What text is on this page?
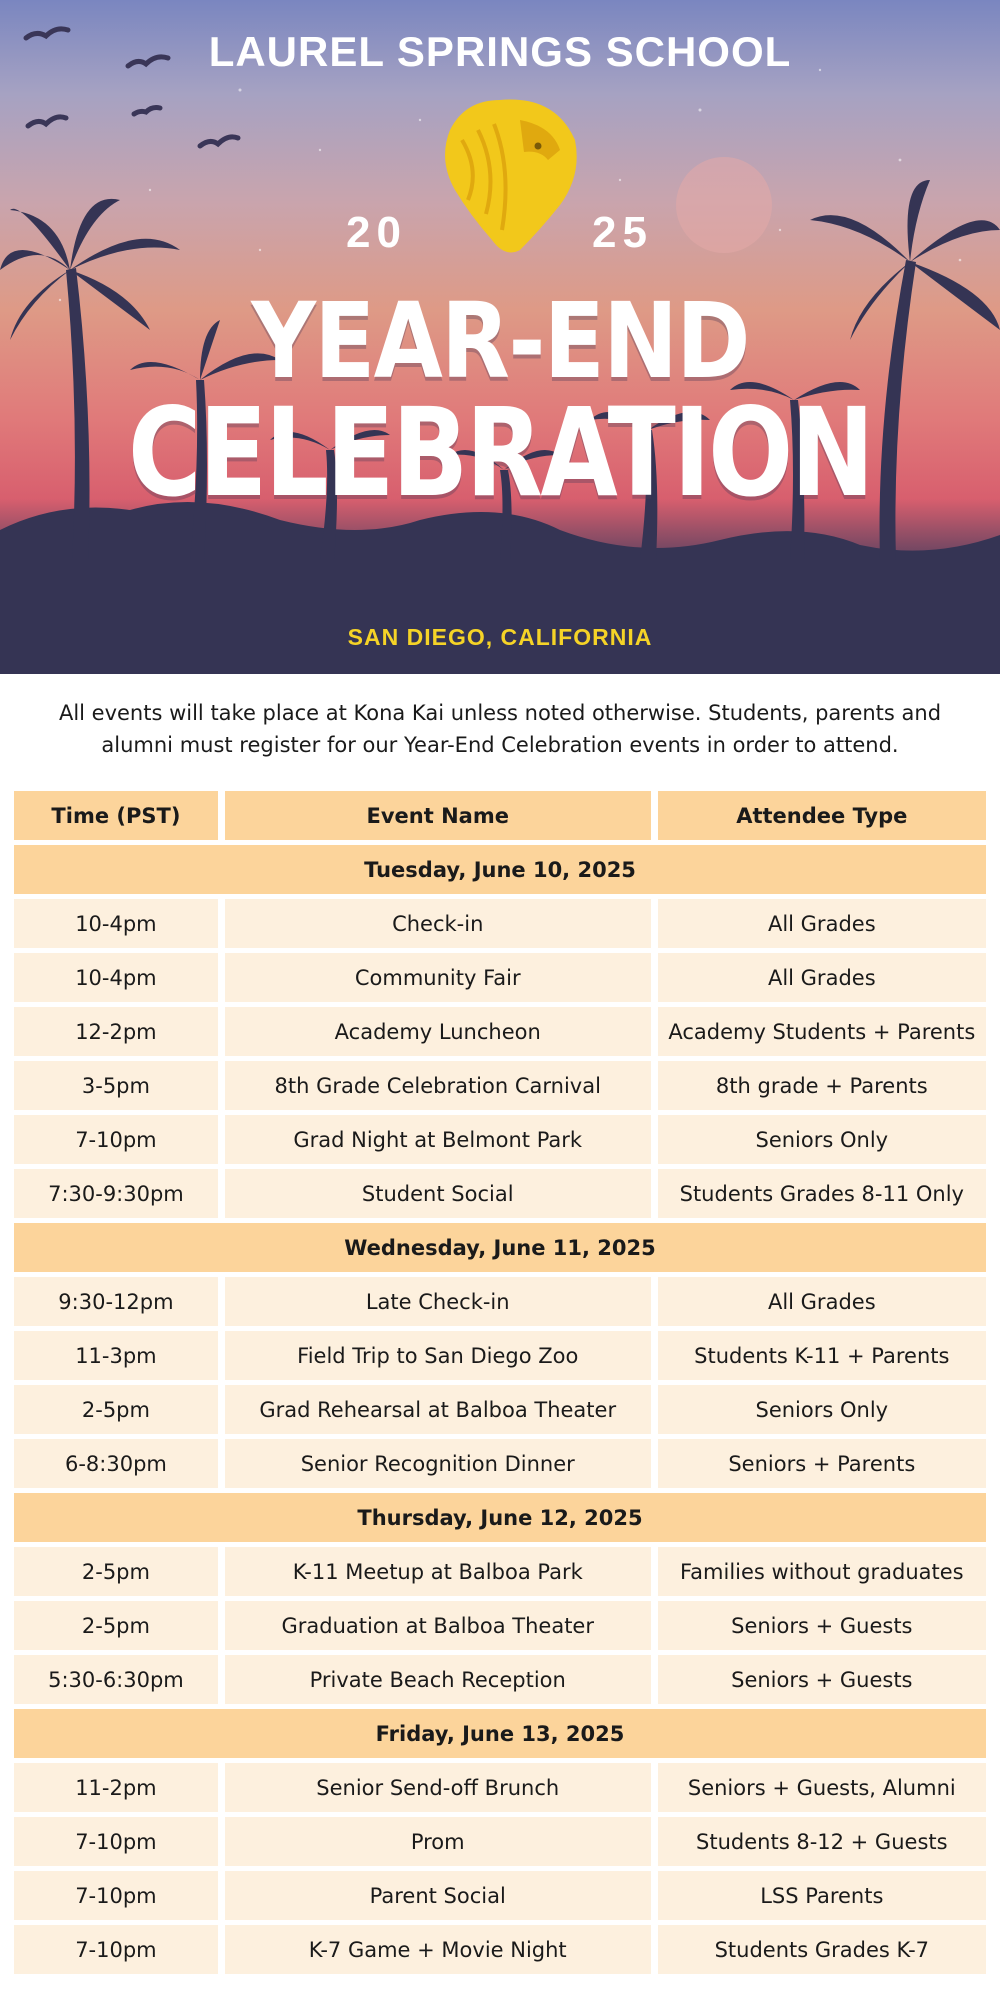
LAUREL SPRINGS SCHOOL
20	25
YEAR-END
CELEBRATION
SAN DIEGO, CALIFORNIA

All events will take place at Kona Kai unless noted otherwise. Students, parents and alumni must register for our Year-End Celebration events in order to attend.

Time (PST)	Event Name	Attendee Type
Tuesday, June 10, 2025		
10-4pm	Check-in	All Grades
10-4pm	Community Fair	All Grades
12-2pm	Academy Luncheon	Academy Students + Parents
3-5pm	8th Grade Celebration Carnival	8th grade + Parents
7-10pm	Grad Night at Belmont Park	Seniors Only
7:30-9:30pm	Student Social	Students Grades 8-11 Only
Wednesday, June 11, 2025		
9:30-12pm	Late Check-in	All Grades
11-3pm	Field Trip to San Diego Zoo	Students K-11 + Parents
2-5pm	Grad Rehearsal at Balboa Theater	Seniors Only
6-8:30pm	Senior Recognition Dinner	Seniors + Parents
Thursday, June 12, 2025		
2-5pm	K-11 Meetup at Balboa Park	Families without graduates
2-5pm	Graduation at Balboa Theater	Seniors + Guests
5:30-6:30pm	Private Beach Reception	Seniors + Guests
Friday, June 13, 2025		
11-2pm	Senior Send-off Brunch	Seniors + Guests, Alumni
7-10pm	Prom	Students 8-12 + Guests
7-10pm	Parent Social	LSS Parents
7-10pm	K-7 Game + Movie Night	Students Grades K-7
